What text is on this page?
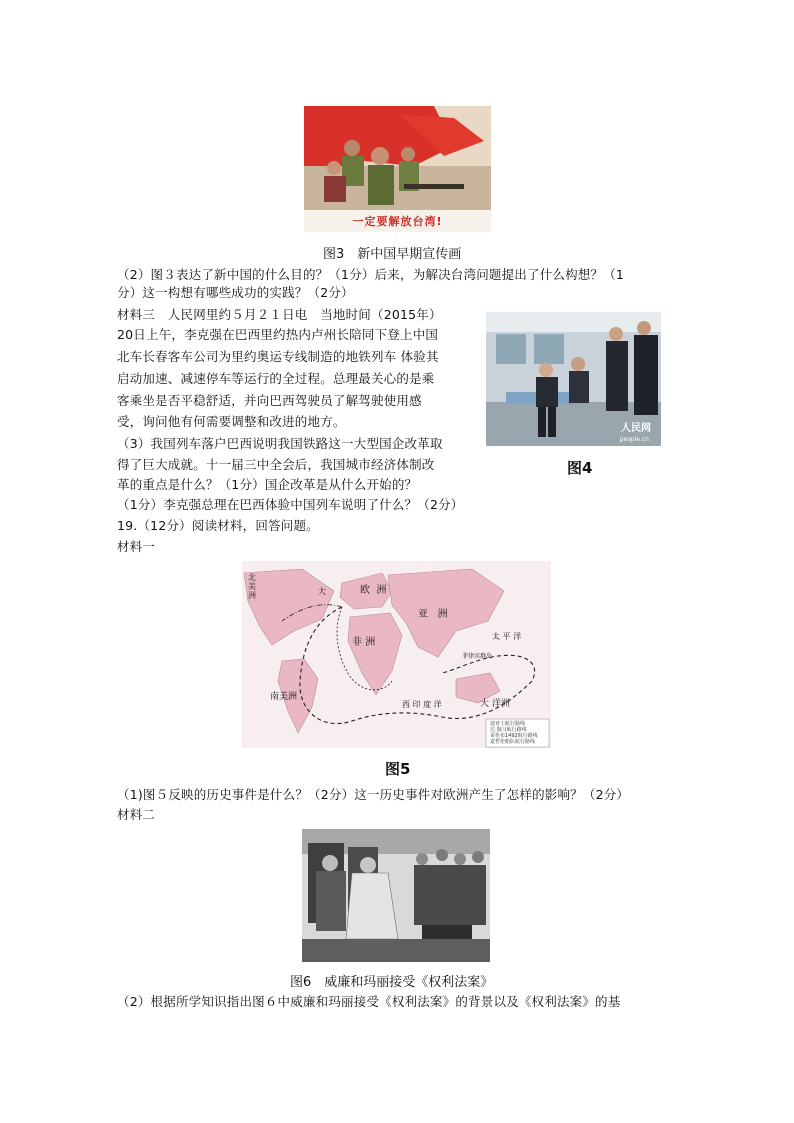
一定要解放台湾!
图3　新中国早期宣传画
（2）图３表达了新中国的什么目的？（1分）后来，为解决台湾问题提出了什么构想？（1
分）这一构想有哪些成功的实践？（2分）
材料三　人民网里约５月２１日电　当地时间（2015年）
20日上午，李克强在巴西里约热内卢州长陪同下登上中国
北车长春客车公司为里约奥运专线制造的地铁列车 体验其
启动加速、减速停车等运行的全过程。总理最关心的是乘
客乘坐是否平稳舒适，并向巴西驾驶员了解驾驶使用感
受，询问他有何需要调整和改进的地方。
（3）我国列车落户巴西说明我国铁路这一大型国企改革取
得了巨大成就。十一届三中全会后，我国城市经济体制改
革的重点是什么？（1分）国企改革是从什么开始的？
（1分）李克强总理在巴西体验中国列车说明了什么？（2分）
人民网
people.cn
图4
19.（12分）阅读材料，回答问题。
材料一
北
美
洲	大	欧 洲
亚 洲
非 洲
南美洲
大 洋洲
太 平 洋
菲律宾群岛
西 印 度 洋
迪亚士航行路线
达·伽马航行路线
哥伦布1492航行路线
麦哲伦船队航行路线
图5
（1)图５反映的历史事件是什么？（2分）这一历史事件对欧洲产生了怎样的影响？（2分）
材料二
图6　威廉和玛丽接受《权利法案》
（2）根据所学知识指出图６中威廉和玛丽接受《权利法案》的背景以及《权利法案》的基
